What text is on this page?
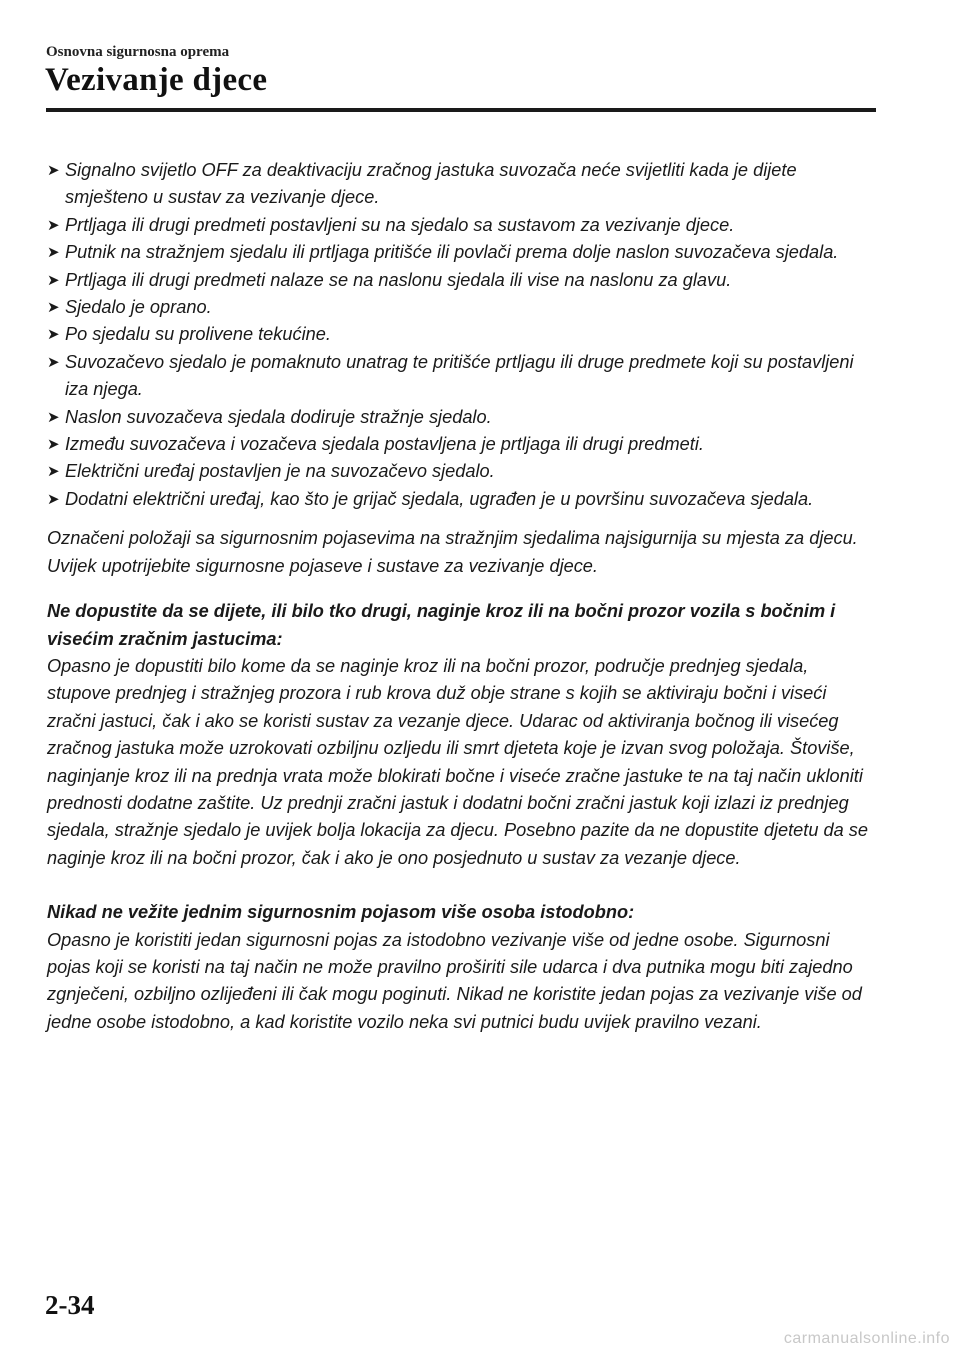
Osnovna sigurnosna oprema
Vezivanje djece
➤ Signalno svijetlo OFF za deaktivaciju zračnog jastuka suvozača neće svijetliti kada je dijete smješteno u sustav za vezivanje djece.
➤ Prtljaga ili drugi predmeti postavljeni su na sjedalo sa sustavom za vezivanje djece.
➤ Putnik na stražnjem sjedalu ili prtljaga pritišće ili povlači prema dolje naslon suvozačeva sjedala.
➤ Prtljaga ili drugi predmeti nalaze se na naslonu sjedala ili vise na naslonu za glavu.
➤ Sjedalo je oprano.
➤ Po sjedalu su prolivene tekućine.
➤ Suvozačevo sjedalo je pomaknuto unatrag te pritišće prtljagu ili druge predmete koji su postavljeni iza njega.
➤ Naslon suvozačeva sjedala dodiruje stražnje sjedalo.
➤ Između suvozačeva i vozačeva sjedala postavljena je prtljaga ili drugi predmeti.
➤ Električni uređaj postavljen je na suvozačevo sjedalo.
➤ Dodatni električni uređaj, kao što je grijač sjedala, ugrađen je u površinu suvozačeva sjedala.

Označeni položaji sa sigurnosnim pojasevima na stražnjim sjedalima najsigurnija su mjesta za djecu. Uvijek upotrijebite sigurnosne pojaseve i sustave za vezivanje djece.

Ne dopustite da se dijete, ili bilo tko drugi, naginje kroz ili na bočni prozor vozila s bočnim i visećim zračnim jastucima:

Opasno je dopustiti bilo kome da se naginje kroz ili na bočni prozor, područje prednjeg sjedala, stupove prednjeg i stražnjeg prozora i rub krova duž obje strane s kojih se aktiviraju bočni i viseći zračni jastuci, čak i ako se koristi sustav za vezanje djece. Udarac od aktiviranja bočnog ili visećeg zračnog jastuka može uzrokovati ozbiljnu ozljedu ili smrt djeteta koje je izvan svog položaja. Štoviše, naginjanje kroz ili na prednja vrata može blokirati bočne i viseće zračne jastuke te na taj način ukloniti prednosti dodatne zaštite. Uz prednji zračni jastuk i dodatni bočni zračni jastuk koji izlazi iz prednjeg sjedala, stražnje sjedalo je uvijek bolja lokacija za djecu. Posebno pazite da ne dopustite djetetu da se naginje kroz ili na bočni prozor, čak i ako je ono posjednuto u sustav za vezanje djece.

Nikad ne vežite jednim sigurnosnim pojasom više osoba istodobno:

Opasno je koristiti jedan sigurnosni pojas za istodobno vezivanje više od jedne osobe. Sigurnosni pojas koji se koristi na taj način ne može pravilno proširiti sile udarca i dva putnika mogu biti zajedno zgnječeni, ozbiljno ozlijeđeni ili čak mogu poginuti. Nikad ne koristite jedan pojas za vezivanje više od jedne osobe istodobno, a kad koristite vozilo neka svi putnici budu uvijek pravilno vezani.

2-34
carmanualsonline.info
